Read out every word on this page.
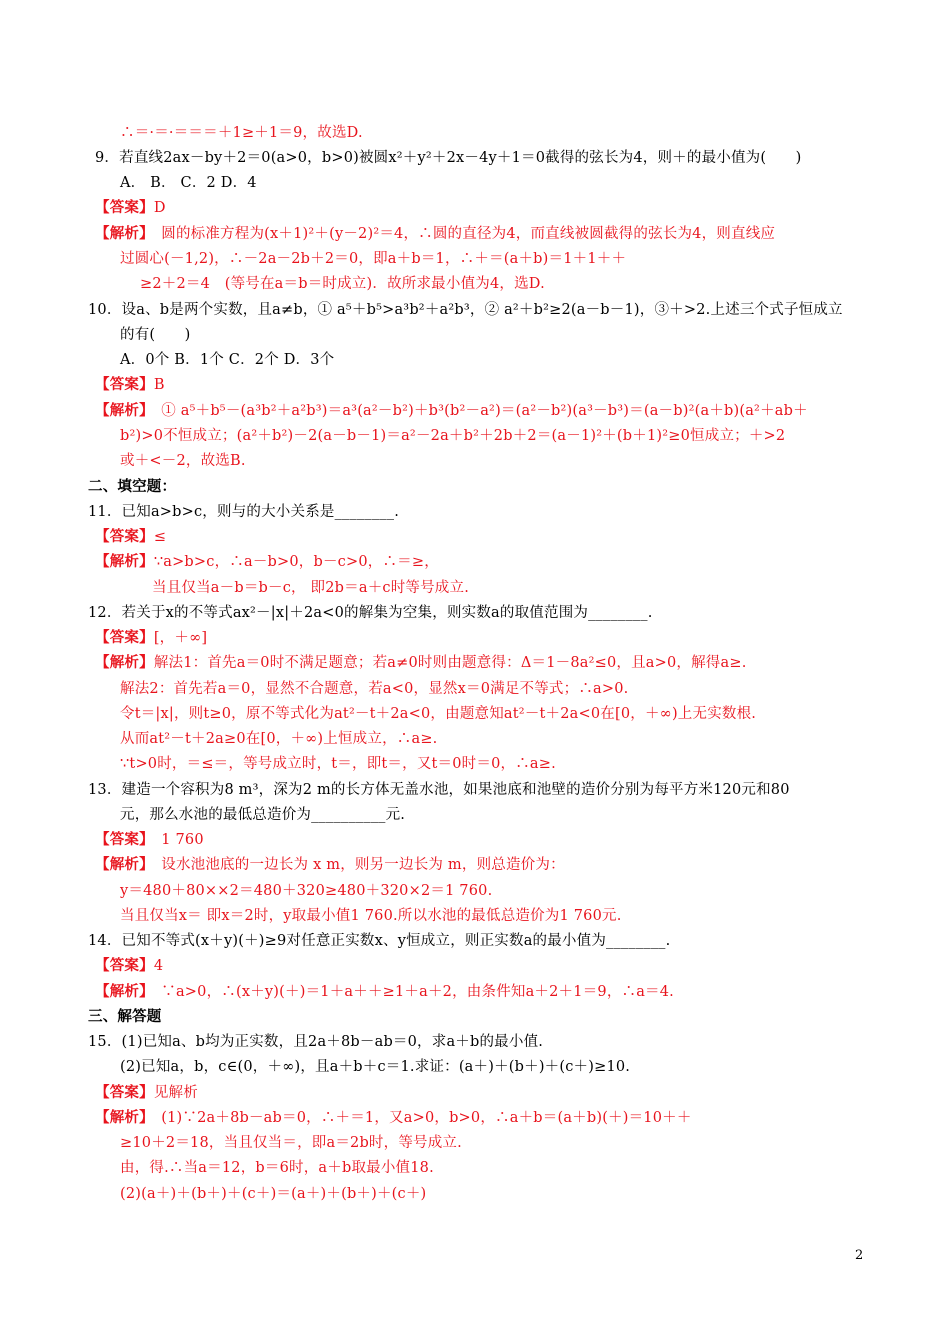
∴＝·＝·＝＝＝＋1≥＋1＝9，故选D.
9．若直线2ax－by＋2＝0(a>0，b>0)被圆x²＋y²＋2x－4y＋1＝0截得的弦长为4，则＋的最小值为(　　)
A． B． C．2 D．4
【答案】D
【解析】　圆的标准方程为(x＋1)²＋(y－2)²＝4，∴圆的直径为4，而直线被圆截得的弦长为4，则直线应
过圆心(－1,2)，∴－2a－2b＋2＝0，即a＋b＝1，∴＋＝(a＋b)＝1＋1＋＋
≥2＋2＝4　(等号在a＝b＝时成立)．故所求最小值为4，选D.
10．设a、b是两个实数，且a≠b，① a⁵＋b⁵>a³b²＋a²b³，② a²＋b²≥2(a－b－1)，③＋>2.上述三个式子恒成立
的有(　　)
A．0个 B．1个 C．2个 D．3个
【答案】B
【解析】　① a⁵＋b⁵－(a³b²＋a²b³)＝a³(a²－b²)＋b³(b²－a²)＝(a²－b²)(a³－b³)＝(a－b)²(a＋b)(a²＋ab＋
b²)>0不恒成立；(a²＋b²)－2(a－b－1)＝a²－2a＋b²＋2b＋2＝(a－1)²＋(b＋1)²≥0恒成立；＋>2
或＋<－2，故选B.
二、填空题：
11．已知a>b>c，则与的大小关系是________.
【答案】≤
【解析】∵a>b>c，∴a－b>0，b－c>0，∴＝≥，
当且仅当a－b＝b－c， 即2b＝a＋c时等号成立.
12．若关于x的不等式ax²－|x|＋2a<0的解集为空集，则实数a的取值范围为________.
【答案】[，＋∞]
【解析】解法1：首先a＝0时不满足题意；若a≠0时则由题意得：Δ＝1－8a²≤0，且a>0，解得a≥.
解法2：首先若a＝0，显然不合题意，若a<0，显然x＝0满足不等式；∴a>0.
令t＝|x|，则t≥0，原不等式化为at²－t＋2a<0，由题意知at²－t＋2a<0在[0，＋∞)上无实数根.
从而at²－t＋2a≥0在[0，＋∞)上恒成立，∴a≥.
∵t>0时，＝≤＝，等号成立时，t＝，即t＝，又t＝0时＝0，∴a≥.
13．建造一个容积为8 m³，深为2 m的长方体无盖水池，如果池底和池壁的造价分别为每平方米120元和80
元，那么水池的最低总造价为__________元.
【答案】　1 760
【解析】　设水池池底的一边长为 x m，则另一边长为 m，则总造价为：
y＝480＋80××2＝480＋320≥480＋320×2＝1 760.
当且仅当x＝ 即x＝2时，y取最小值1 760.所以水池的最低总造价为1 760元.
14．已知不等式(x＋y)(＋)≥9对任意正实数x、y恒成立，则正实数a的最小值为________.
【答案】4
【解析】　∵a>0，∴(x＋y)(＋)＝1＋a＋＋≥1＋a＋2，由条件知a＋2＋1＝9，∴a＝4.
三、解答题
15．(1)已知a、b均为正实数，且2a＋8b－ab＝0，求a＋b的最小值.
(2)已知a，b，c∈(0，＋∞)，且a＋b＋c＝1.求证：(a＋)＋(b＋)＋(c＋)≥10.
【答案】见解析
【解析】　(1)∵2a＋8b－ab＝0，∴＋＝1，又a>0，b>0，∴a＋b＝(a＋b)(＋)＝10＋＋
≥10＋2＝18，当且仅当＝，即a＝2b时，等号成立.
由，得.∴当a＝12，b＝6时，a＋b取最小值18.
(2)(a＋)＋(b＋)＋(c＋)＝(a＋)＋(b＋)＋(c＋)
2
